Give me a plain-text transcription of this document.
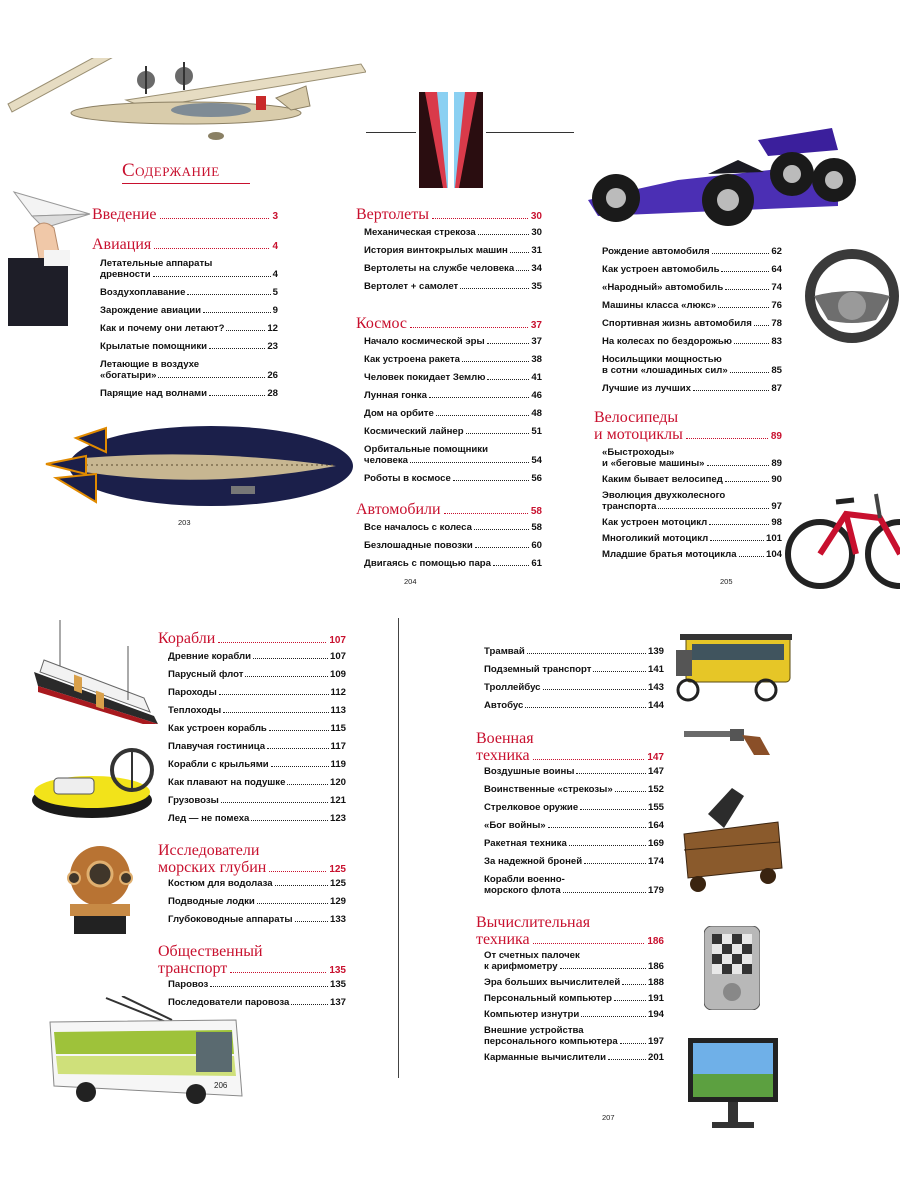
206
Содержание
Введение	3
Авиация	4
Вертолеты	30
Космос	37
Автомобили	58
Велосипеды
и мотоциклы	89
Корабли	107
Исследователи
морских глубин	125
Общественный
транспорт	135
Военная
техника	147
Вычислительная
техника	186
203
204	205
207
Летательные аппараты
древности	4
Воздухоплавание	5
Зарождение авиации	9
Как и почему они летают?	12
Крылатые помощники	23
Летающие в воздухе
«богатыри»	26
Парящие над волнами	28
Механическая стрекоза	30
История винтокрылых машин 31
Вертолеты на службе человека 34
Вертолет + самолет	35
Начало космической эры	37
Как устроена ракета	38
Человек покидает Землю	41
Лунная гонка	46
Дом на орбите	48
Космический лайнер	51
Орбитальные помощники
человека	54
Роботы в космосе	56
Все началось с колеса	58
Безлошадные повозки	60
Двигаясь с помощью пара	61
Рождение автомобиля	62
Как устроен автомобиль	64
«Народный» автомобиль	74
Машины класса «люкс»	76
Спортивная жизнь автомобиля 78
На колесах по бездорожью	83
Носильщики мощностью
в сотни «лошадиных сил»	85
Лучшие из лучших	87
«Быстроходы»
и «беговые машины»	89
Каким бывает велосипед	90
Эволюция двухколесного
транспорта	97
Как устроен мотоцикл	98
Многоликий мотоцикл	101
Младшие братья мотоцикла	104
Древние корабли	107
Парусный флот	109
Пароходы	112
Теплоходы	113
Как устроен корабль	115
Плавучая гостиница	117
Корабли с крыльями	119
Как плавают на подушке	120
Грузовозы	121
Лед — не помеха	123
Костюм для водолаза	125
Подводные лодки	129
Глубоководные аппараты	133
Паровоз	135
Последователи паровоза	137
Трамвай	139
Подземный транспорт	141
Троллейбус	143
Автобус	144
Воздушные воины	147
Воинственные «стрекозы»	152
Стрелковое оружие	155
«Бог войны»	164
Ракетная техника	169
За надежной броней	174
Корабли военно-
морского флота	179
От счетных палочек
к арифмометру	186
Эра больших вычислителей	188
Персональный компьютер	191
Компьютер изнутри	194
Внешние устройства
персонального компьютера	197
Карманные вычислители	201
